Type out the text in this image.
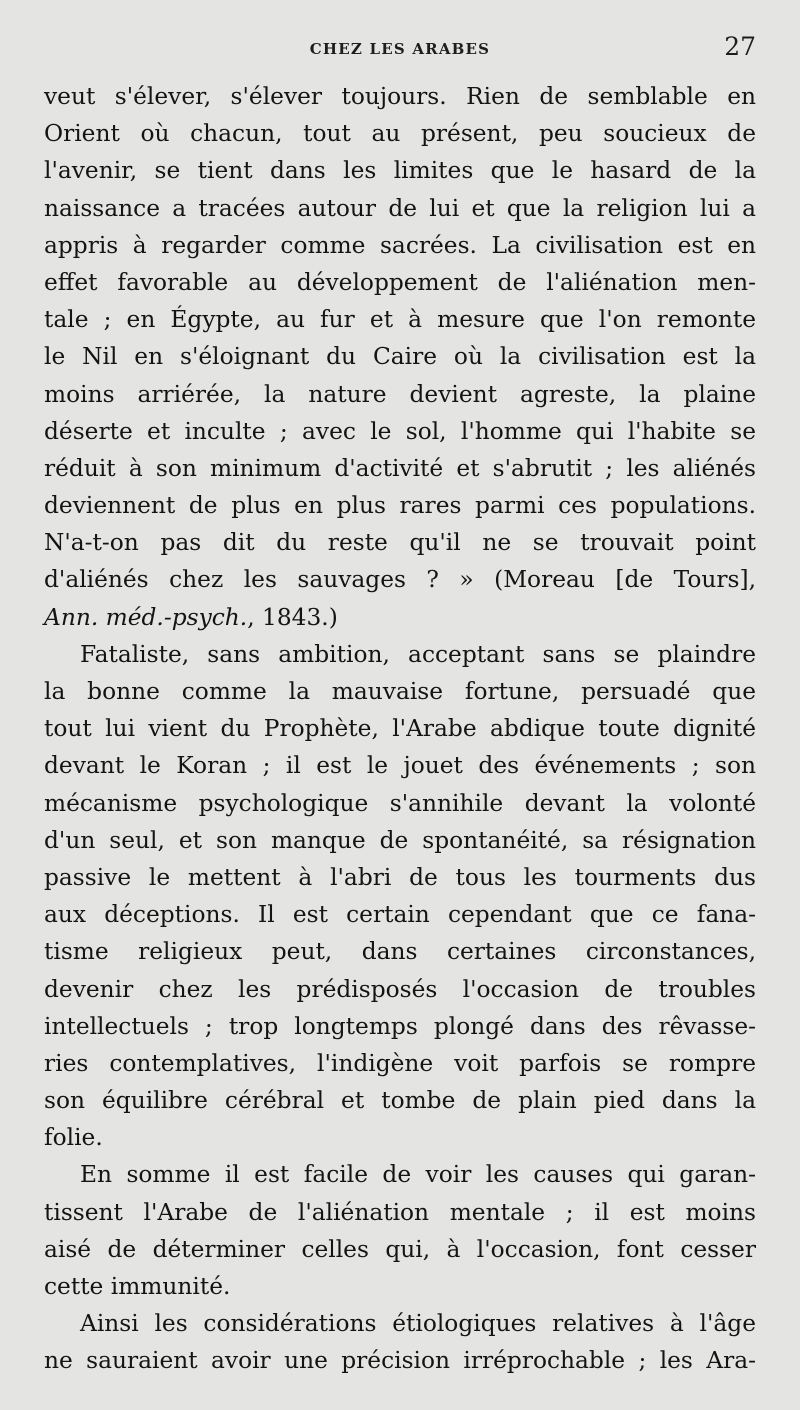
CHEZ LES ARABES	27
veut s'élever, s'élever toujours. Rien de semblable en
Orient où chacun, tout au présent, peu soucieux de
l'avenir, se tient dans les limites que le hasard de la
naissance a tracées autour de lui et que la religion lui a
appris à regarder comme sacrées. La civilisation est en
effet favorable au développement de l'aliénation men-
tale ; en Égypte, au fur et à mesure que l'on remonte
le Nil en s'éloignant du Caire où la civilisation est la
moins arriérée, la nature devient agreste, la plaine
déserte et inculte ; avec le sol, l'homme qui l'habite se
réduit à son minimum d'activité et s'abrutit ; les aliénés
deviennent de plus en plus rares parmi ces populations.
N'a-t-on pas dit du reste qu'il ne se trouvait point
d'aliénés chez les sauvages ? » (Moreau [de Tours],
Ann. méd.-psych., 1843.)
Fataliste, sans ambition, acceptant sans se plaindre
la bonne comme la mauvaise fortune, persuadé que
tout lui vient du Prophète, l'Arabe abdique toute dignité
devant le Koran ; il est le jouet des événements ; son
mécanisme psychologique s'annihile devant la volonté
d'un seul, et son manque de spontanéité, sa résignation
passive le mettent à l'abri de tous les tourments dus
aux déceptions. Il est certain cependant que ce fana-
tisme religieux peut, dans certaines circonstances,
devenir chez les prédisposés l'occasion de troubles
intellectuels ; trop longtemps plongé dans des rêvasse-
ries contemplatives, l'indigène voit parfois se rompre
son équilibre cérébral et tombe de plain pied dans la
folie.
En somme il est facile de voir les causes qui garan-
tissent l'Arabe de l'aliénation mentale ; il est moins
aisé de déterminer celles qui, à l'occasion, font cesser
cette immunité.
Ainsi les considérations étiologiques relatives à l'âge
ne sauraient avoir une précision irréprochable ; les Ara-
